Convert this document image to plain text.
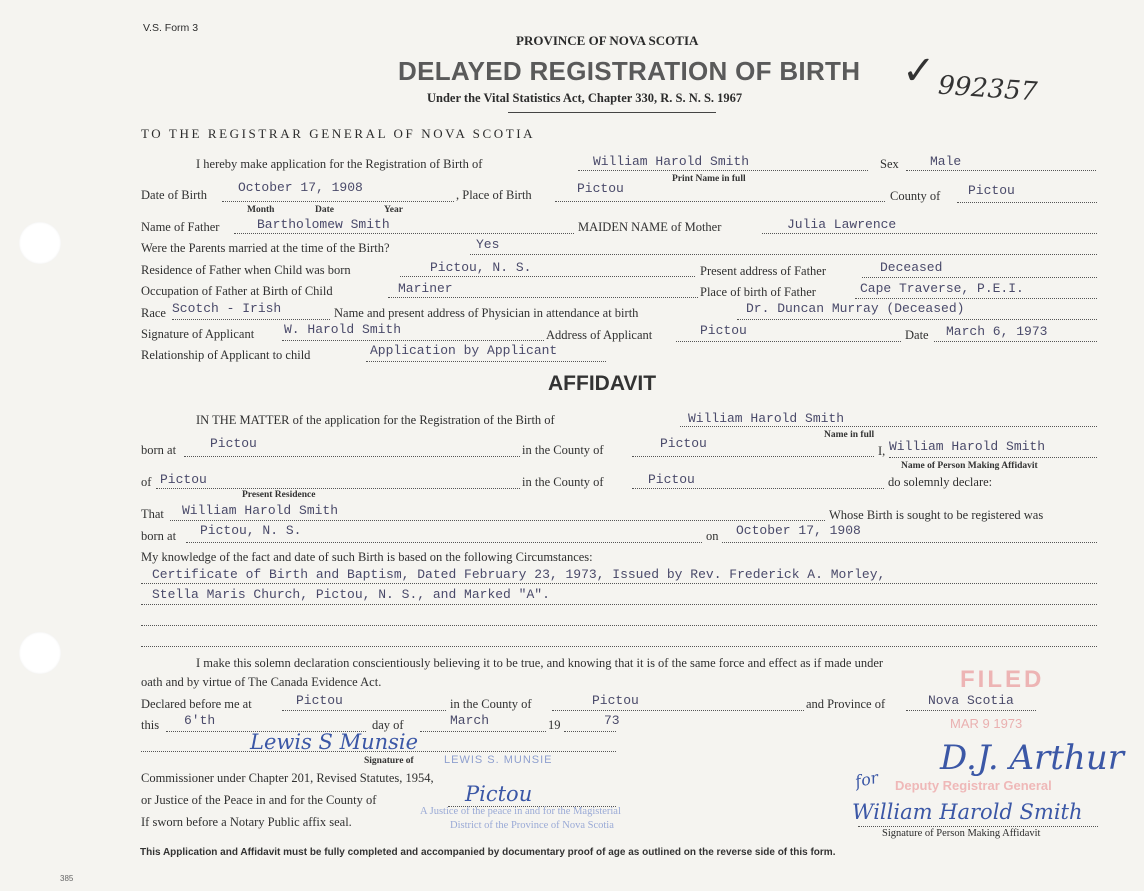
V.S. Form 3
PROVINCE OF NOVA SCOTIA
DELAYED REGISTRATION OF BIRTH
Under the Vital Statistics Act, Chapter 330, R. S. N. S. 1967
✓ 992357
TO THE REGISTRAR GENERAL OF NOVA SCOTIA
I hereby make application for the Registration of Birth of	William Harold Smith	Sex Male
Print Name in full
Date of Birth October 17, 1908	, Place of Birth	Pictou	County of Pictou
Month	Date	Year
Name of Father	Bartholomew Smith	MAIDEN NAME of Mother	Julia Lawrence
Were the Parents married at the time of the Birth?	Yes
Residence of Father when Child was born	Pictou, N. S.	Present address of Father	Deceased
Occupation of Father at Birth of Child	Mariner	Place of birth of Father	Cape Traverse, P.E.I.
Race Scotch - Irish	Name and present address of Physician in attendance at birth	Dr. Duncan Murray (Deceased)
Signature of Applicant W. Harold Smith	Address of Applicant	Pictou	Date March 6, 1973
Relationship of Applicant to child	Application by Applicant
AFFIDAVIT
IN THE MATTER of the application for the Registration of the Birth of	William Harold Smith
Name in full
born at	Pictou	in the County of	Pictou	I, William Harold Smith
Name of Person Making Affidavit
of Pictou	in the County of	Pictou	do solemnly declare:
Present Residence
That William Harold Smith	Whose Birth is sought to be registered was
born at Pictou, N. S.	on October 17, 1908
My knowledge of the fact and date of such Birth is based on the following Circumstances:
Certificate of Birth and Baptism, Dated February 23, 1973, Issued by Rev. Frederick A. Morley,
Stella Maris Church, Pictou, N. S., and Marked "A".
I make this solemn declaration conscientiously believing it to be true, and knowing that it is of the same force and effect as if made under
oath and by virtue of The Canada Evidence Act.
Declared before me at	Pictou	in the County of	Pictou	and Province of	Nova Scotia
this 6'th	day of	March	19	73
Lewis S Munsie
Signature of	LEWIS S. MUNSIE
Commissioner under Chapter 201, Revised Statutes, 1954,
or Justice of the Peace in and for the County of	Pictou
If sworn before a Notary Public affix seal.
A Justice of the peace in and for the Magisterial
District of the Province of Nova Scotia
FILED
MAR 9 1973
D.J. Arthur
for Deputy Registrar General
William Harold Smith
Signature of Person Making Affidavit
This Application and Affidavit must be fully completed and accompanied by documentary proof of age as outlined on the reverse side of this form.
385
